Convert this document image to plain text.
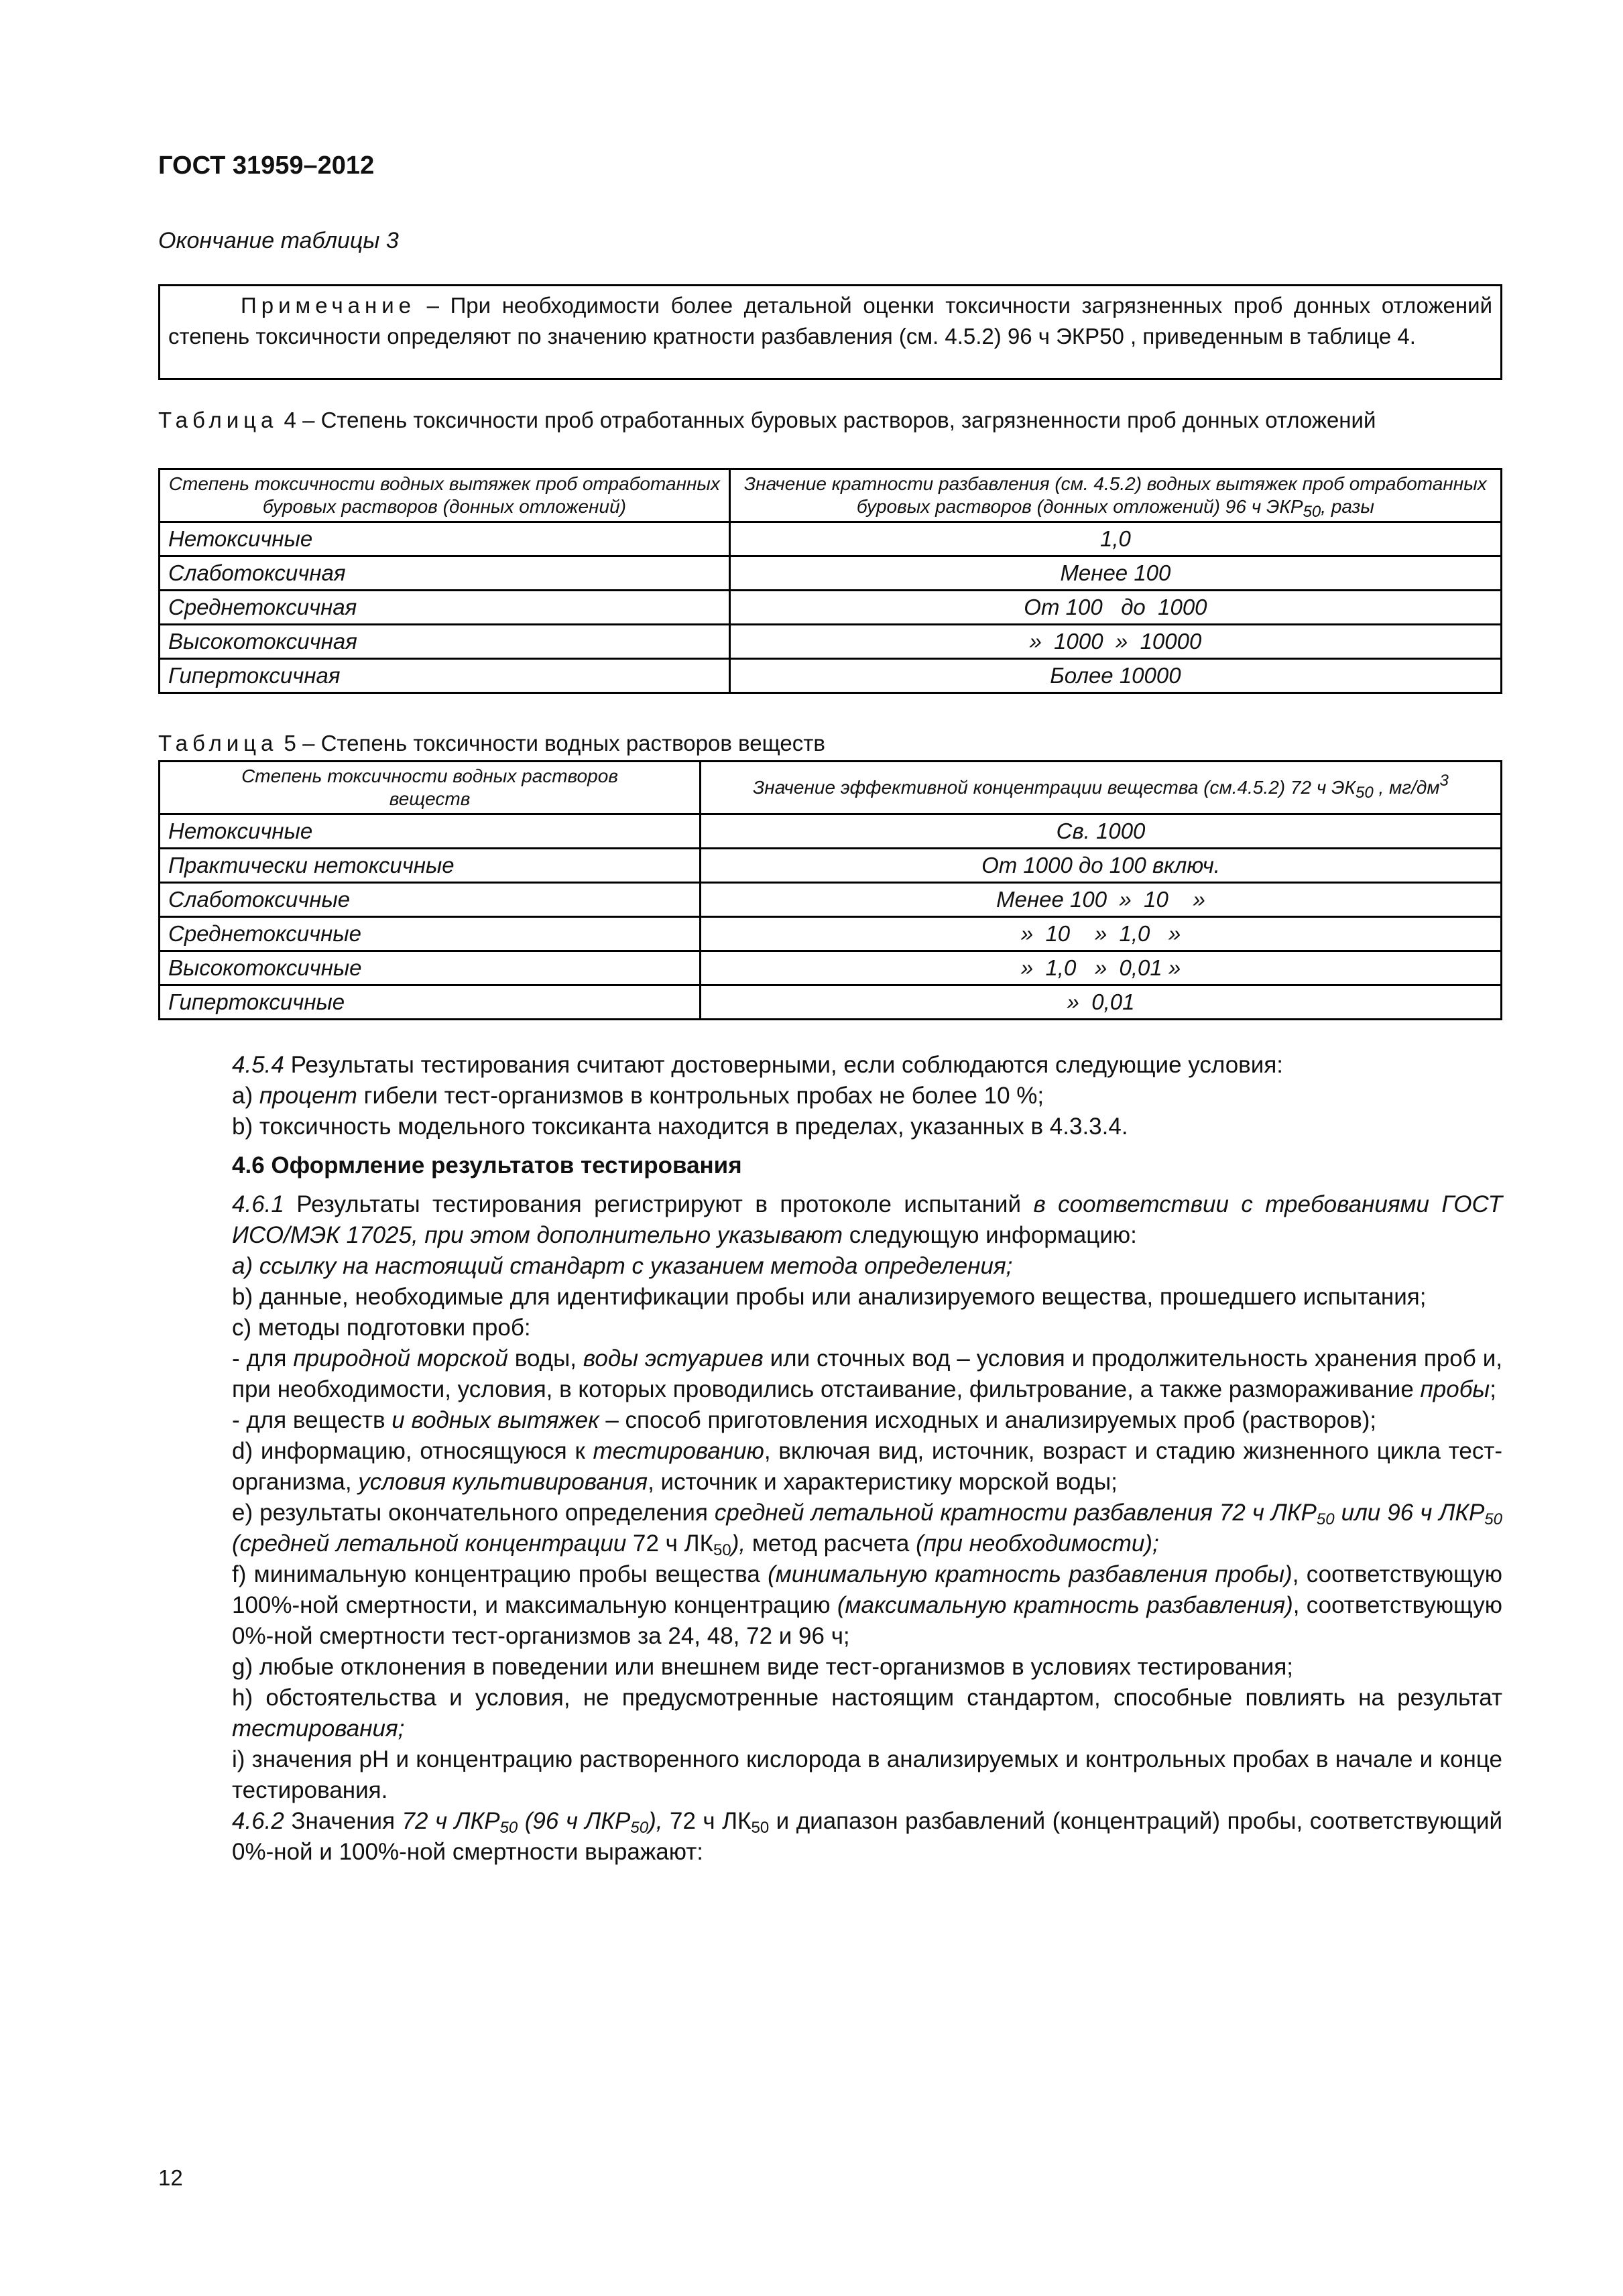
ГОСТ 31959–2012
Окончание таблицы 3
Примечание – При необходимости более детальной оценки токсичности загрязненных проб донных отложений степень токсичности определяют по значению кратности разбавления (см. 4.5.2) 96 ч ЭКР50 , приведенным в таблице 4.
Таблица 4 – Степень токсичности проб отработанных буровых растворов, загрязненности проб донных отложений
Степень токсичности водных вытяжек проб отработанных буровых растворов (донных отложений)	Значение кратности разбавления (см. 4.5.2) водных вытяжек проб отработанных буровых растворов (донных отложений) 96 ч $ЭКР_{50}$, разы
Нетоксичные	1,0
Слаботоксичная	Менее 100
Среднетоксичная	От 100   до  1000
Высокотоксичная	»  1000  »  10000
Гипертоксичная	Более 10000
Таблица 5 – Степень токсичности водных растворов веществ
Степень токсичности водных растворов веществ	Значение эффективной концентрации вещества (см.4.5.2) 72 ч $ЭК_{50}$ , $мг/дм^3$
Нетоксичные	Св. 1000
Практически нетоксичные	От 1000 до 100 включ.
Слаботоксичные	Менее 100  »  10    »
Среднетоксичные	»  10    »  1,0   »
Высокотоксичные	»  1,0   »  0,01 »
Гипертоксичные	»  0,01

4.5.4 Результаты тестирования считают достоверными, если соблюдаются следующие условия:

а) процент гибели тест-организмов в контрольных пробах не более 10 %;

b) токсичность модельного токсиканта находится в пределах, указанных в 4.3.3.4.

4.6 Оформление результатов тестирования

4.6.1 Результаты тестирования регистрируют в протоколе испытаний в соответствии с требованиями ГОСТ ИСО/МЭК 17025, при этом дополнительно указывают следующую информацию:

а) ссылку на настоящий стандарт с указанием метода определения;

b) данные, необходимые для идентификации пробы или анализируемого вещества, прошедшего испытания;

с) методы подготовки проб:

- для природной морской воды, воды эстуариев или сточных вод – условия и продолжительность хранения проб и, при необходимости, условия, в которых проводились отстаивание, фильтрование, а также размораживание пробы;

- для веществ и водных вытяжек – способ приготовления исходных и анализируемых проб (растворов);

d) информацию, относящуюся к тестированию, включая вид, источник, возраст и стадию жизненного цикла тест-организма, условия культивирования, источник и характеристику морской воды;

е) результаты окончательного определения средней летальной кратности разбавления 72 ч $ЛКР_{50}$ или 96 ч $ЛКР_{50}$ (средней летальной концентрации 72 ч $ЛК_{50}$), метод расчета (при необходимости);

f) минимальную концентрацию пробы вещества (минимальную кратность разбавления пробы), соответствующую 100%-ной смертности, и максимальную концентрацию (максимальную кратность разбавления), соответствующую 0%-ной смертности тест-организмов за 24, 48, 72 и 96 ч;

g) любые отклонения в поведении или внешнем виде тест-организмов в условиях тестирования;

h) обстоятельства и условия, не предусмотренные настоящим стандартом, способные повлиять на результат тестирования;

i) значения рН и концентрацию растворенного кислорода в анализируемых и контрольных пробах в начале и конце тестирования.

4.6.2 Значения 72 ч $ЛКР_{50}$ (96 ч $ЛКР_{50}$), 72 ч $ЛК_{50}$ и диапазон разбавлений (концентраций) пробы, соответствующий 0%-ной и 100%-ной смертности выражают:

12
